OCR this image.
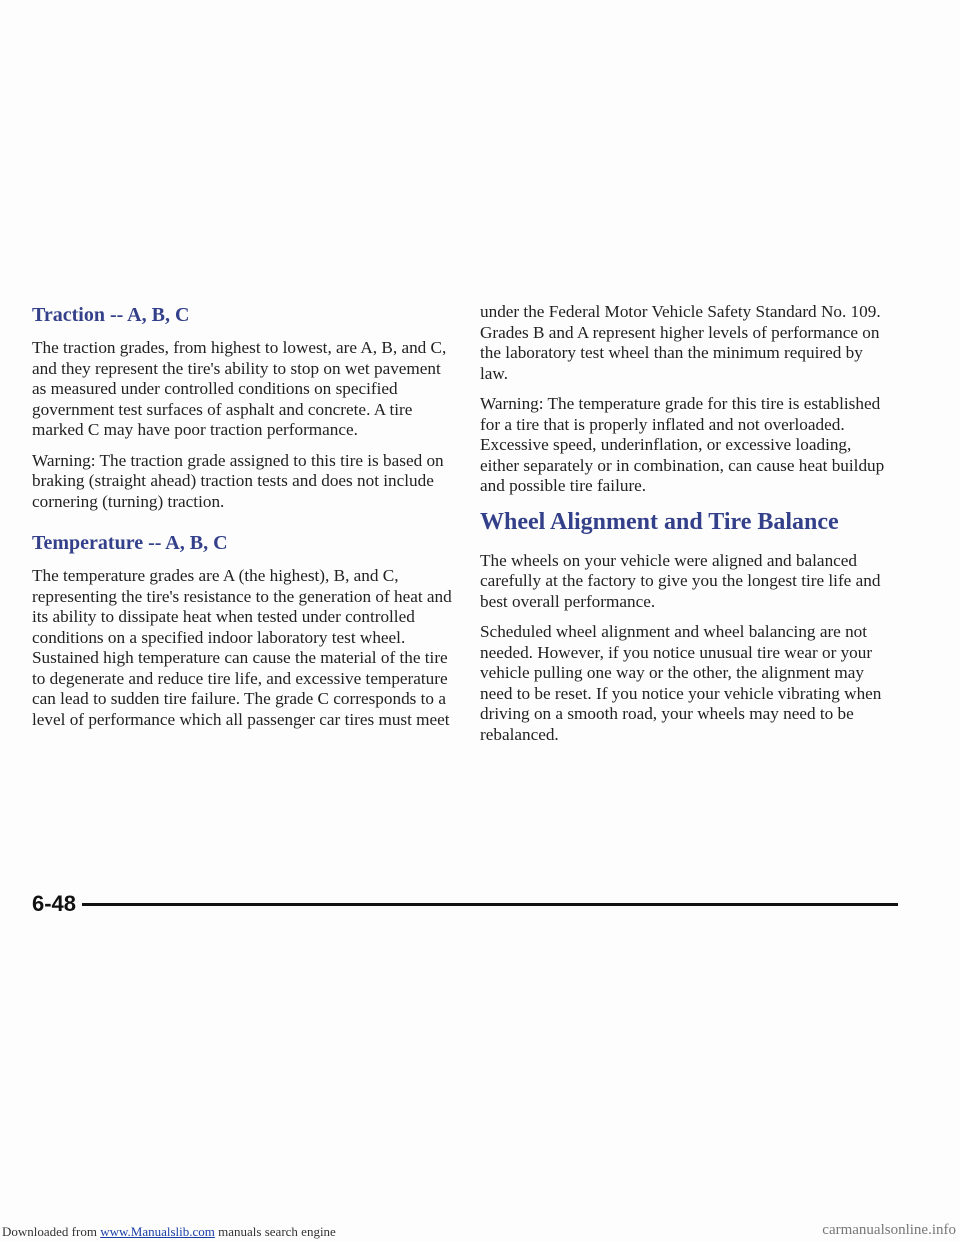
Traction -- A, B, C

The traction grades, from highest to lowest, are A, B, and C, and they represent the tire's ability to stop on wet pavement as measured under controlled conditions on specified government test surfaces of asphalt and concrete. A tire marked C may have poor traction performance.

Warning: The traction grade assigned to this tire is based on braking (straight ahead) traction tests and does not include cornering (turning) traction.

Temperature -- A, B, C

The temperature grades are A (the highest), B, and C, representing the tire's resistance to the generation of heat and its ability to dissipate heat when tested under controlled conditions on a specified indoor laboratory test wheel. Sustained high temperature can cause the material of the tire to degenerate and reduce tire life, and excessive temperature can lead to sudden tire failure. The grade C corresponds to a level of performance which all passenger car tires must meet

under the Federal Motor Vehicle Safety Standard No. 109. Grades B and A represent higher levels of performance on the laboratory test wheel than the minimum required by law.

Warning: The temperature grade for this tire is established for a tire that is properly inflated and not overloaded. Excessive speed, underinflation, or excessive loading, either separately or in combination, can cause heat buildup and possible tire failure.

Wheel Alignment and Tire Balance

The wheels on your vehicle were aligned and balanced carefully at the factory to give you the longest tire life and best overall performance.

Scheduled wheel alignment and wheel balancing are not needed. However, if you notice unusual tire wear or your vehicle pulling one way or the other, the alignment may need to be reset. If you notice your vehicle vibrating when driving on a smooth road, your wheels may need to be rebalanced.

6-48
Downloaded from www.Manualslib.com manuals search engine	carmanualsonline.info
